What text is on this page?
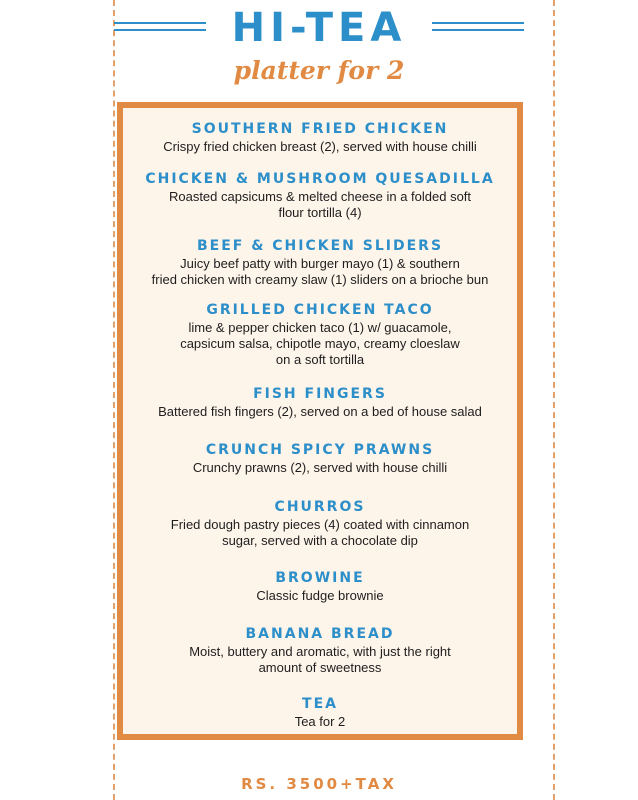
HI-TEA
platter for 2
SOUTHERN FRIED CHICKEN
Crispy fried chicken breast (2), served with house chilli
CHICKEN & MUSHROOM QUESADILLA
Roasted capsicums & melted cheese in a folded soft
flour tortilla (4)
BEEF & CHICKEN SLIDERS
Juicy beef patty with burger mayo (1) & southern
fried chicken with creamy slaw (1) sliders on a brioche bun
GRILLED CHICKEN TACO
lime & pepper chicken taco (1) w/ guacamole,
capsicum salsa, chipotle mayo, creamy cloeslaw
on a soft tortilla
FISH FINGERS
Battered fish fingers (2), served on a bed of house salad
CRUNCH SPICY PRAWNS
Crunchy prawns (2), served with house chilli
CHURROS
Fried dough pastry pieces (4) coated with cinnamon
sugar, served with a chocolate dip
BROWINE
Classic fudge brownie
BANANA BREAD
Moist, buttery and aromatic, with just the right
amount of sweetness
TEA
Tea for 2
RS. 3500+TAX
